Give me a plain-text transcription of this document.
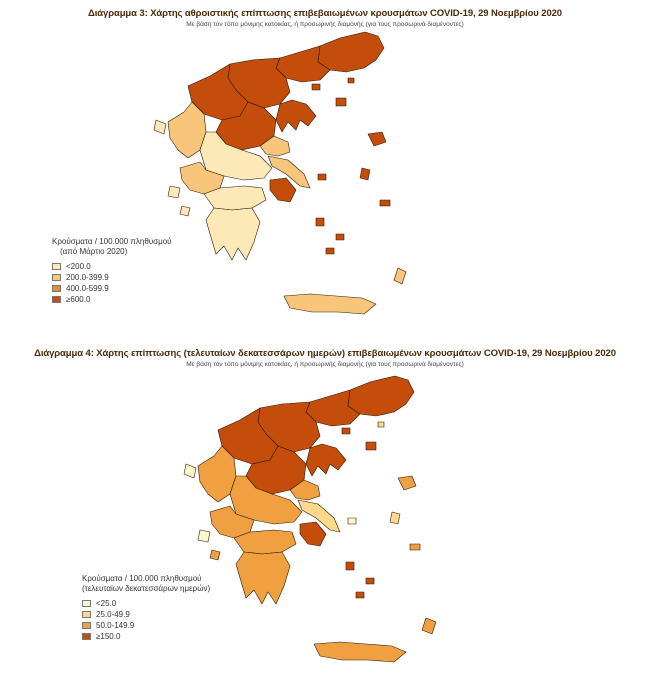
Διάγραμμα 3: Χάρτης αθροιστικής επίπτωσης επιβεβαιωμένων κρουσμάτων COVID-19, 29 Νοεμβρίου 2020
Με βάση τον τόπο μόνιμης κατοικίας, ή προσωρινής διαμονής (για τους προσωρινά διαμένοντες)
Κρούσματα / 100.000 πληθυσμού
(από Μάρτιο 2020)
<200.0
200.0-399.9
400.0-599.9
≥600.0
Διάγραμμα 4: Χάρτης επίπτωσης (τελευταίων δεκατεσσάρων ημερών) επιβεβαιωμένων κρουσμάτων COVID-19, 29 Νοεμβρίου 2020
Με βάση τον τόπο μόνιμης κατοικίας, ή προσωρινής διαμονής (για τους προσωρινά διαμένοντες)
Κρούσματα / 100.000 πληθυσμού
(τελευταίων δεκατεσσάρων ημερών)
<25.0
25.0-49.9
50.0-149.9
≥150.0
